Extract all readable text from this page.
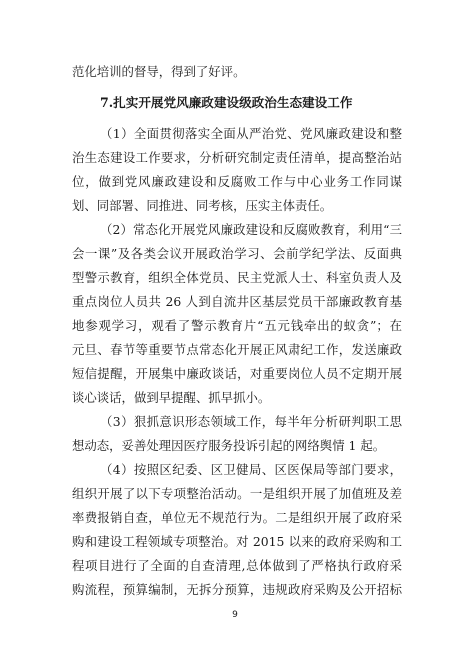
范化培训的督导，得到了好评。
7.扎实开展党风廉政建设级政治生态建设工作
（1）全面贯彻落实全面从严治党、党风廉政建设和整
治生态建设工作要求，分析研究制定责任清单，提高整治站
位，做到党风廉政建设和反腐败工作与中心业务工作同谋
划、同部署、同推进、同考核，压实主体责任。
（2）常态化开展党风廉政建设和反腐败教育，利用“三
会一课”及各类会议开展政治学习、会前学纪学法、反面典
型警示教育，组织全体党员、民主党派人士、科室负责人及
重点岗位人员共 26 人到自流井区基层党员干部廉政教育基
地参观学习，观看了警示教育片“五元钱牵出的蚁贪”；在
元旦、春节等重要节点常态化开展正风肃纪工作，发送廉政
短信提醒，开展集中廉政谈话，对重要岗位人员不定期开展
谈心谈话，做到早提醒、抓早抓小。
（3）狠抓意识形态领域工作，每半年分析研判职工思
想动态，妥善处理因医疗服务投诉引起的网络舆情 1 起。
（4）按照区纪委、区卫健局、区医保局等部门要求，
组织开展了以下专项整治活动。一是组织开展了加值班及差
率费报销自查，单位无不规范行为。二是组织开展了政府采
购和建设工程领域专项整治。对 2015 以来的政府采购和工
程项目进行了全面的自查清理,总体做到了严格执行政府采
购流程，预算编制，无拆分预算，违规政府采购及公开招标
9
